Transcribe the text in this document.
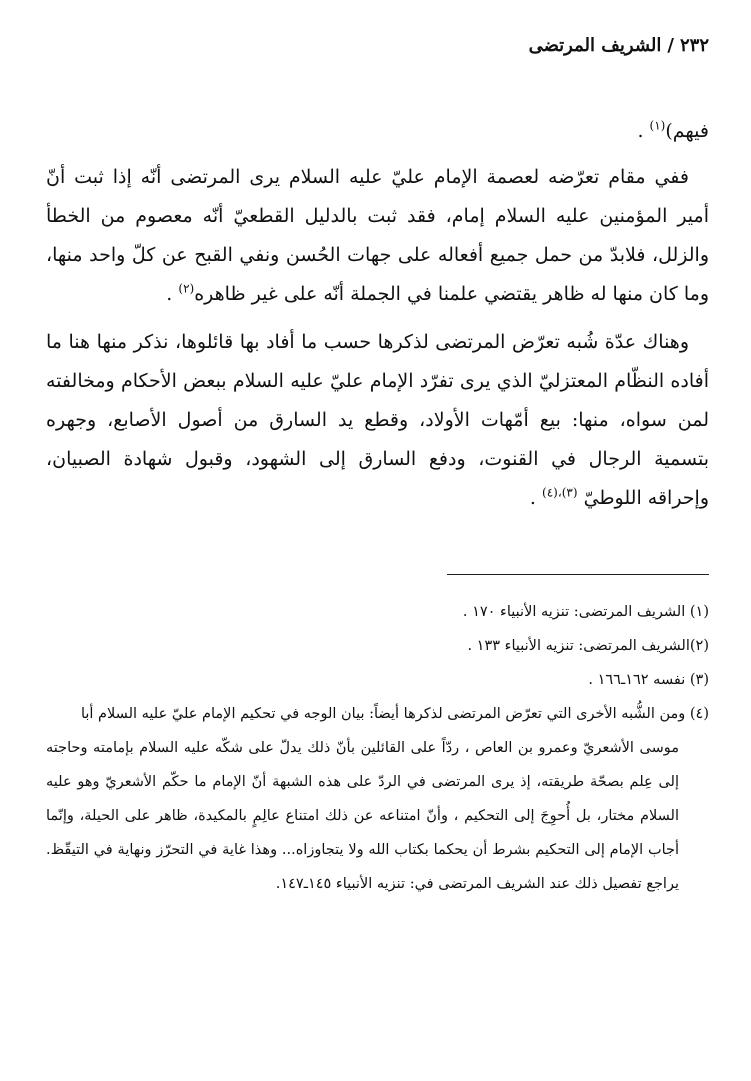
٢٣٢/الشريف المرتضى

فيهم)$^{(١)}$ .

ففي مقام تعرّضه لعصمة الإمام عليّ عليه السلام يرى المرتضى أنّه إذا ثبت أنّ أمير المؤمنين عليه السلام إمام، فقد ثبت بالدليل القطعيّ أنّه معصوم من الخطأ والزلل، فلابدّ من حمل جميع أفعاله على جهات الحُسن ونفي القبح عن كلّ واحد منها، وما كان منها له ظاهر يقتضي علمنا في الجملة أنّه على غير ظاهره$^{(٢)}$ .

وهناك عدّة شُبه تعرّض المرتضى لذكرها حسب ما أفاد بها قائلوها، نذكر منها هنا ما أفاده النظّام المعتزليّ الذي يرى تفرّد الإمام عليّ عليه السلام ببعض الأحكام ومخالفته لمن سواه، منها: بيع أمّهات الأولاد، وقطع يد السارق من أصول الأصابع، وجهره بتسمية الرجال في القنوت، ودفع السارق إلى الشهود، وقبول شهادة الصبيان، وإحراقه اللوطيّ $^{(٣)،(٤)}$ .

(١) الشريف المرتضى: تنزيه الأنبياء ١٧٠ .

(٢)الشريف المرتضى: تنزيه الأنبياء ١٣٣ .

(٣) نفسه ١٦٢ـ١٦٦ .

(٤) ومن الشُّبه الأخرى التي تعرّض المرتضى لذكرها أيضاً: بيان الوجه في تحكيم الإمام عليّ عليه السلام أبا

موسى الأشعريّ وعمرو بن العاص ، ردّاً على القائلين بأنّ ذلك يدلّ على شكّه عليه السلام بإمامته وحاجته إلى عِلم بصحّة طريقته، إذ يرى المرتضى في الردّ على هذه الشبهة أنّ الإمام ما حكّم الأشعريّ وهو عليه السلام مختار، بل أُحوِجَ إلى التحكيم ، وأنّ امتناعه عن ذلك امتناع عالِمٍ بالمكيدة، ظاهر على الحيلة، وإنّما أجاب الإمام إلى التحكيم بشرط أن يحكما بكتاب الله ولا يتجاوزاه... وهذا غاية في التحرّز ونهاية في التيقّظ. يراجع تفصيل ذلك عند الشريف المرتضى في: تنزيه الأنبياء ١٤٥ـ١٤٧.
